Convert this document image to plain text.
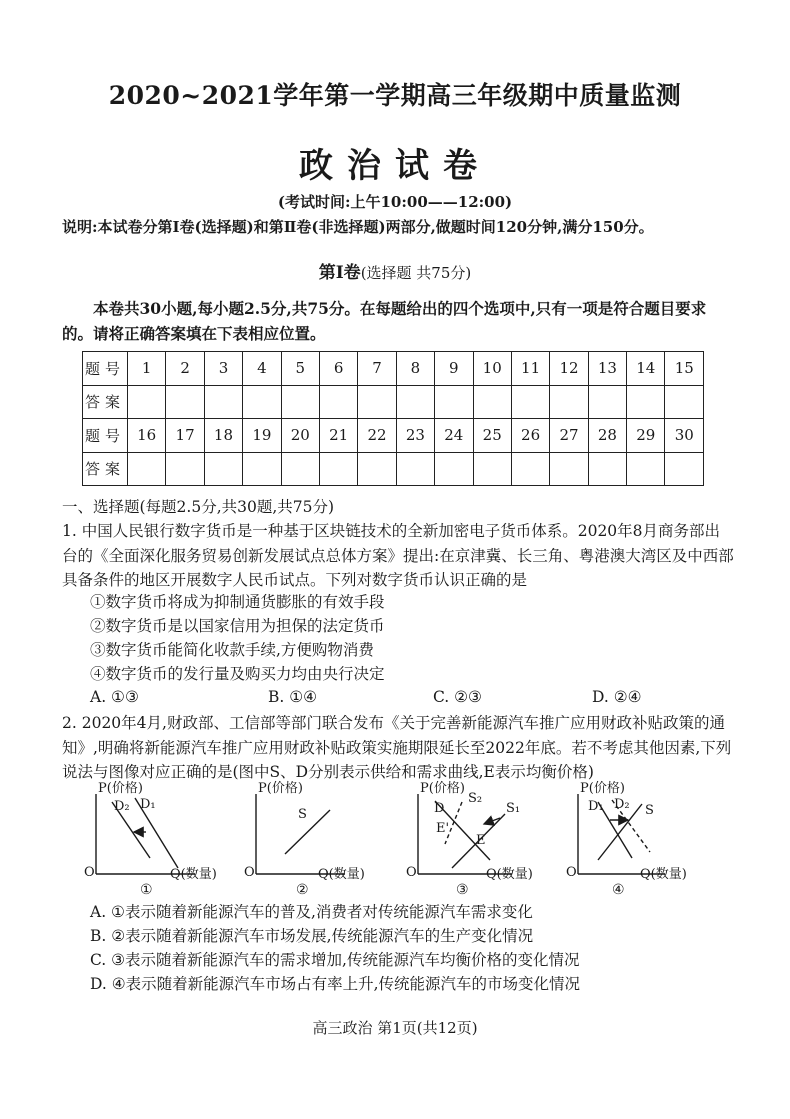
2020~2021学年第一学期高三年级期中质量监测
政治试卷
(考试时间:上午10:00——12:00)
说明:本试卷分第Ⅰ卷(选择题)和第Ⅱ卷(非选择题)两部分,做题时间120分钟,满分150分。
第Ⅰ卷(选择题 共75分)
本卷共30小题,每小题2.5分,共75分。在每题给出的四个选项中,只有一项是符合题目要求的。请将正确答案填在下表相应位置。
题号	1	2	3	4	5	6	7	8	9	10	11	12	13	14	15
答案															
题号	16	17	18	19	20	21	22	23	24	25	26	27	28	29	30
答案															
一、选择题(每题2.5分,共30题,共75分)
1. 中国人民银行数字货币是一种基于区块链技术的全新加密电子货币体系。2020年8月商务部出台的《全面深化服务贸易创新发展试点总体方案》提出:在京津冀、长三角、粤港澳大湾区及中西部具备条件的地区开展数字人民币试点。下列对数字货币认识正确的是
①数字货币将成为抑制通货膨胀的有效手段
②数字货币是以国家信用为担保的法定货币
③数字货币能简化收款手续,方便购物消费
④数字货币的发行量及购买力均由央行决定
A. ①③	B. ①④	C. ②③	D. ②④
2. 2020年4月,财政部、工信部等部门联合发布《关于完善新能源汽车推广应用财政补贴政策的通知》,明确将新能源汽车推广应用财政补贴政策实施期限延长至2022年底。若不考虑其他因素,下列说法与图像对应正确的是(图中S、D分别表示供给和需求曲线,E表示均衡价格)
P(价格)
D₂ D₁
O	Q(数量)
①
P(价格)
S
O	Q(数量)
②
P(价格)
D
S₂
S₁
E'
E
O	Q(数量)
③
P(价格)
D₁ D₂ S
O	Q(数量)
④
A. ①表示随着新能源汽车的普及,消费者对传统能源汽车需求变化
B. ②表示随着新能源汽车市场发展,传统能源汽车的生产变化情况
C. ③表示随着新能源汽车的需求增加,传统能源汽车均衡价格的变化情况
D. ④表示随着新能源汽车市场占有率上升,传统能源汽车的市场变化情况
高三政治 第1页(共12页)
